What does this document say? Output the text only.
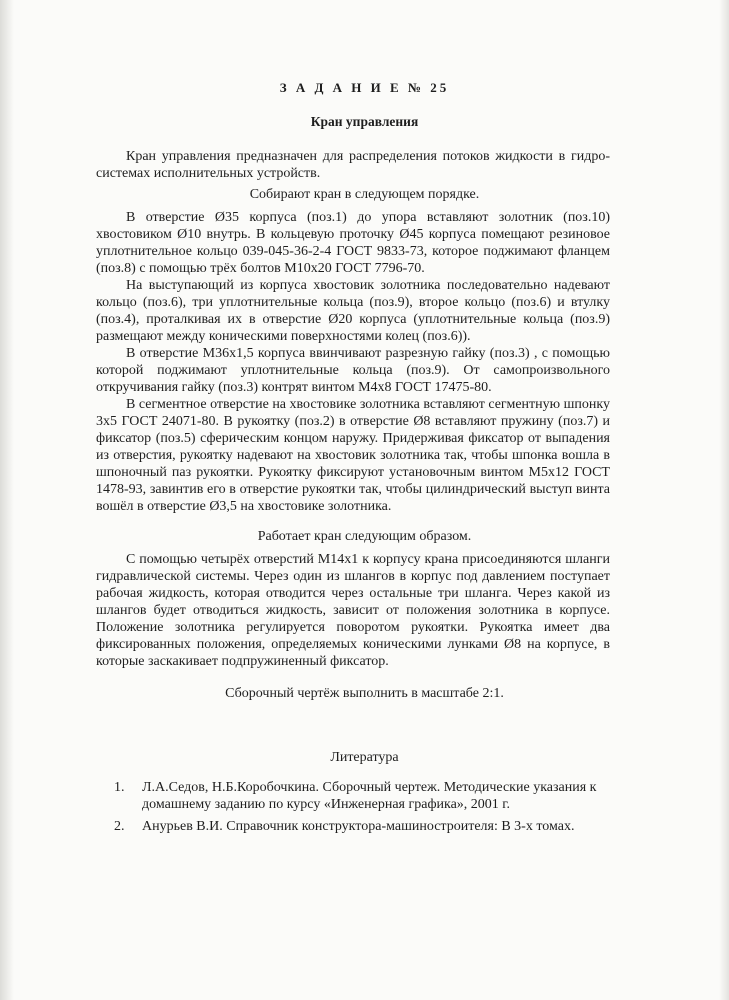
З А Д А Н И Е № 25
Кран управления
Кран управления предназначен для распределения потоков жидкости в гидро-системах исполнительных устройств.
Собирают кран в следующем порядке.
В отверстие Ø35 корпуса (поз.1) до упора вставляют золотник (поз.10) хвостовиком Ø10 внутрь. В кольцевую проточку Ø45 корпуса помещают резиновое уплотнительное кольцо 039-045-36-2-4 ГОСТ 9833-73, которое поджимают фланцем (поз.8) с помощью трёх болтов М10х20 ГОСТ 7796-70.
На выступающий из корпуса хвостовик золотника последовательно надевают кольцо (поз.6), три уплотнительные кольца (поз.9), второе кольцо (поз.6) и втулку (поз.4), проталкивая их в отверстие Ø20 корпуса (уплотнительные кольца (поз.9) размещают между коническими поверхностями колец (поз.6)).
В отверстие М36х1,5 корпуса ввинчивают разрезную гайку (поз.3) , с помощью которой поджимают уплотнительные кольца (поз.9). От самопроизвольного откручивания гайку (поз.3) контрят винтом М4х8 ГОСТ 17475-80.
В сегментное отверстие на хвостовике золотника вставляют сегментную шпонку 3х5 ГОСТ 24071-80. В рукоятку (поз.2) в отверстие Ø8 вставляют пружину (поз.7) и фиксатор (поз.5) сферическим концом наружу. Придерживая фиксатор от выпадения из отверстия, рукоятку надевают на хвостовик золотника так, чтобы шпонка вошла в шпоночный паз рукоятки. Рукоятку фиксируют установочным винтом М5х12 ГОСТ 1478-93, завинтив его в отверстие рукоятки так, чтобы цилиндрический выступ винта вошёл в отверстие Ø3,5 на хвостовике золотника.
Работает кран следующим образом.
С помощью четырёх отверстий М14х1 к корпусу крана присоединяются шланги гидравлической системы. Через один из шлангов в корпус под давлением поступает рабочая жидкость, которая отводится через остальные три шланга. Через какой из шлангов будет отводиться жидкость, зависит от положения золотника в корпусе. Положение золотника регулируется поворотом рукоятки. Рукоятка имеет два фиксированных положения, определяемых коническими лунками Ø8 на корпусе, в которые заскакивает подпружиненный фиксатор.
Сборочный чертёж выполнить в масштабе 2:1.
Литература
1. Л.А.Седов, Н.Б.Коробочкина. Сборочный чертеж. Методические указания к домашнему заданию по курсу «Инженерная графика», 2001 г.
2. Анурьев В.И. Справочник конструктора-машиностроителя: В 3-х томах.
